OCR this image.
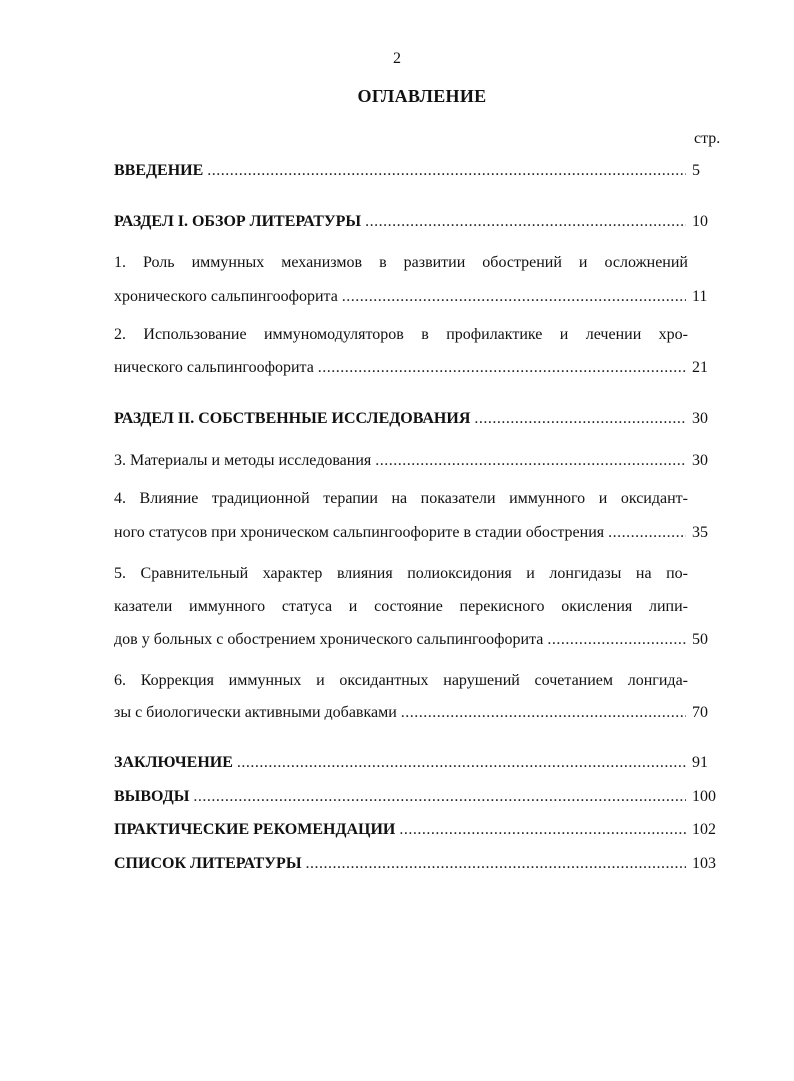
2
ОГЛАВЛЕНИЕ
стр.
ВВЕДЕНИЕ .....	5
РАЗДЕЛ I. ОБЗОР ЛИТЕРАТУРЫ .....	10
1. Роль иммунных механизмов в развитии обострений и осложнений
хронического сальпингоофорита .....	11
2. Использование иммуномодуляторов в профилактике и лечении хро-
нического сальпингоофорита .....	21
РАЗДЕЛ II. СОБСТВЕННЫЕ ИССЛЕДОВАНИЯ .....	30
3. Материалы и методы исследования .....	30
4. Влияние традиционной терапии на показатели иммунного и оксидант-
ного статусов при хроническом сальпингоофорите в стадии обострения .....	35
5. Сравнительный характер влияния полиоксидония и лонгидазы на по-
казатели иммунного статуса и состояние перекисного окисления липи-
дов у больных с обострением хронического сальпингоофорита .....	50
6. Коррекция иммунных и оксидантных нарушений сочетанием лонгида-
зы с биологически активными добавками .....	70
ЗАКЛЮЧЕНИЕ .....	91
ВЫВОДЫ .....	100
ПРАКТИЧЕСКИЕ РЕКОМЕНДАЦИИ .....	102
СПИСОК ЛИТЕРАТУРЫ .....	103
